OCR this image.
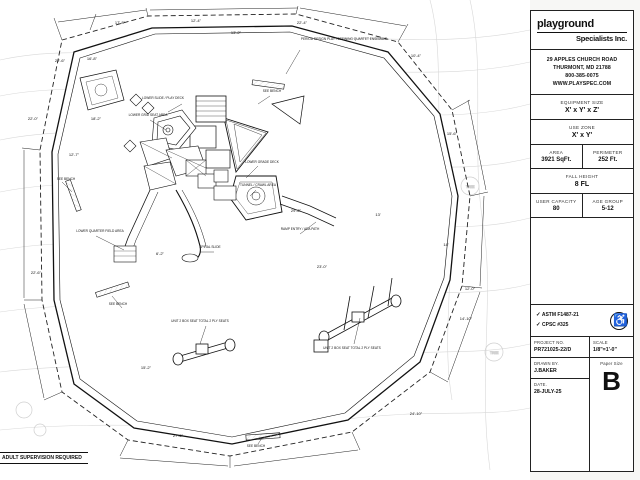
TREE
TREE
17'-8"	12'-4"
13'-2"
22'-4"
22'-6"	16'-8"
10'-4"
22'-0"	18'-2"
12'-7"
15'-6"
29'-2"
13'
23'-0"
18'
22'-6"
6'-2"
12'-0"
14'-10"
15'-2"
24'-10"
27'-6"
PERIOD DESIGN PLAY / DEFINING QUARTET ENSEMBLE
SEE BENCH
LOWER GRID SEAT AREA
LOWER SLIDE / PLAY DECK
LOWER GRADE DECK
TUNNEL / CRAWL AREA
SEE BENCH
LOWER QUARTER FIELD AREA
SPIRAL SLIDE
RAMP ENTRY / ADA PATH
SEE BENCH
UNIT 2 BOX SEAT TOTAL 2 PLY SEATS
UNIT 2 BOX SEAT TOTAL 2 PLY SEATS
SEE BENCH
ADULT SUPERVISION REQUIRED
playground
Specialists Inc.
29 APPLES CHURCH ROAD
THURMONT, MD 21788
800-385-0075
WWW.PLAYSPEC.COM
EQUIPMENT SIZE
X' x Y' x Z'
USE ZONE
X' x Y'
AREA
3921 SqFt.
PERIMETER
252 Ft.
FALL HEIGHT
8 FL
USER CAPACITY
80
AGE GROUP
5-12
✓ ASTM F1487-21
✓ CPSC #325
♿
PROJECT NO.
PR721025-22/D
DRAWN BY.
J.BAKER
DATE.
28-JULY-25
SCALE
1/8"=1'-0"
Paper Size
B
